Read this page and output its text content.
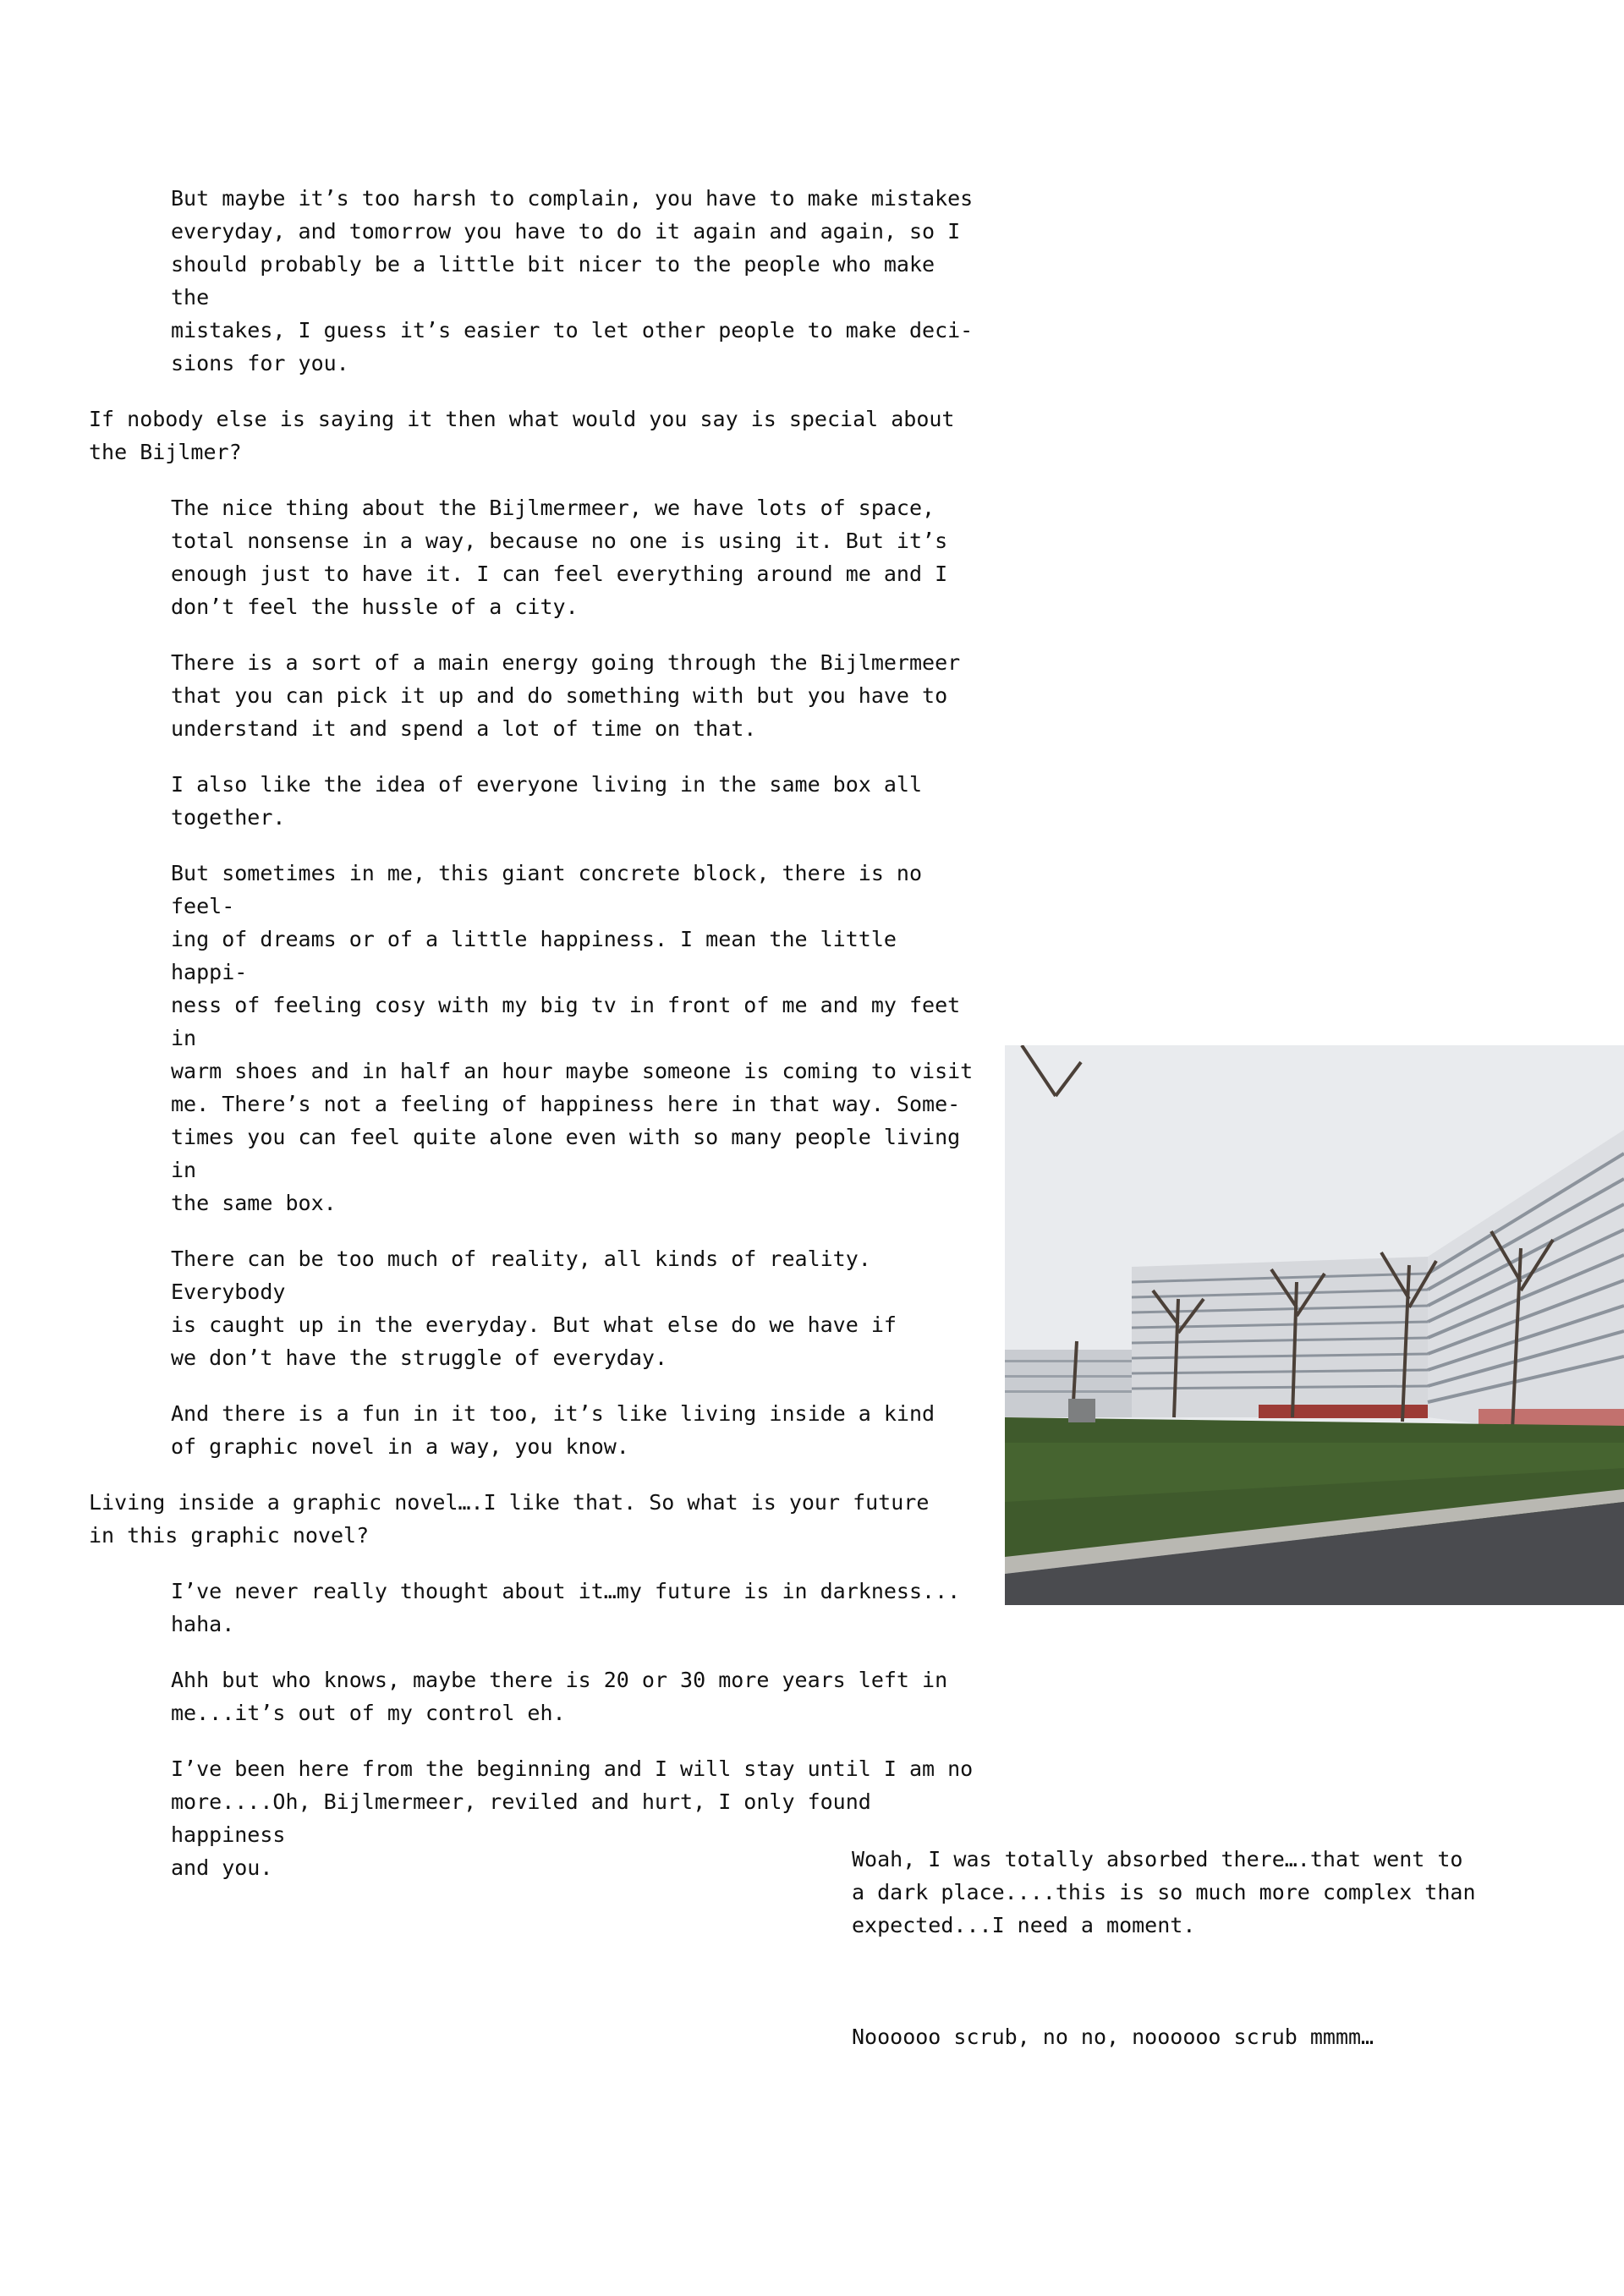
But maybe it’s too harsh to complain, you have to make mistakes
everyday, and tomorrow you have to do it again and again, so I
should probably be a little bit nicer to the people who make the
mistakes, I guess it’s easier to let other people to make deci-
sions for you.

If nobody else is saying it then what would you say is special about
the Bijlmer?

The nice thing about the Bijlmermeer, we have lots of space,
total nonsense in a way, because no one is using it. But it’s
enough just to have it. I can feel everything around me and I
don’t feel the hussle of a city.

There is a sort of a main energy going through the Bijlmermeer
that you can pick it up and do something with but you have to
understand it and spend a lot of time on that.

I also like the idea of everyone living in the same box all
together.

But sometimes in me, this giant concrete block, there is no feel-
ing of dreams or of a little happiness. I mean the little happi-
ness of feeling cosy with my big tv in front of me and my feet in
warm shoes and in half an hour maybe someone is coming to visit
me. There’s not a feeling of happiness here in that way. Some-
times you can feel quite alone even with so many people living in
the same box.

There can be too much of reality, all kinds of reality. Everybody
is caught up in the everyday. But what else do we have if
we don’t have the struggle of everyday.

And there is a fun in it too, it’s like living inside a kind
of graphic novel in a way, you know.

Living inside a graphic novel….I like that. So what is your future
in this graphic novel?

I’ve never really thought about it…my future is in darkness...
haha.

Ahh but who knows, maybe there is 20 or 30 more years left in
me...it’s out of my control eh.

I’ve been here from the beginning and I will stay until I am no
more....Oh, Bijlmermeer, reviled and hurt, I only found happiness
and you.	Woah, I was totally absorbed there….that went to
a dark place....this is so much more complex than
expected...I need a moment.

Noooooo scrub, no no, noooooo scrub mmmm…
